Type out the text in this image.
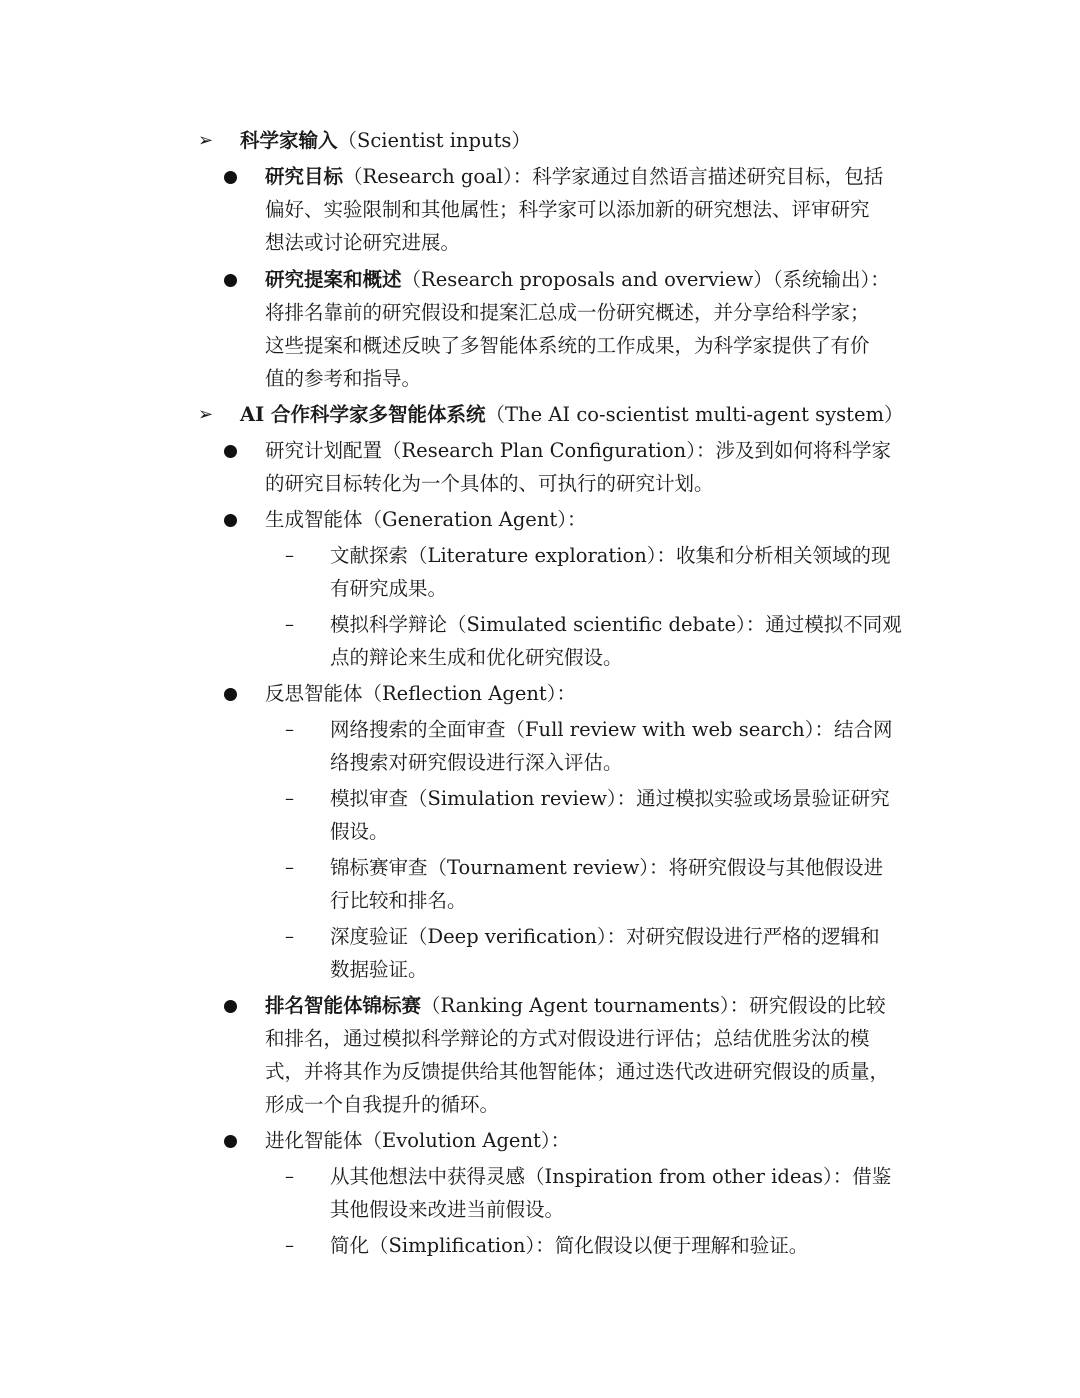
➢ 科学家输入（Scientist inputs）
研究目标（Research goal）：科学家通过自然语言描述研究目标，包括
偏好、实验限制和其他属性；科学家可以添加新的研究想法、评审研究
想法或讨论研究进展。
研究提案和概述（Research proposals and overview）（系统输出）：
将排名靠前的研究假设和提案汇总成一份研究概述，并分享给科学家；
这些提案和概述反映了多智能体系统的工作成果，为科学家提供了有价
值的参考和指导。
➢ AI 合作科学家多智能体系统（The AI co-scientist multi-agent system）
研究计划配置（Research Plan Configuration）：涉及到如何将科学家
的研究目标转化为一个具体的、可执行的研究计划。
生成智能体（Generation Agent）：
– 文献探索（Literature exploration）：收集和分析相关领域的现
有研究成果。
– 模拟科学辩论（Simulated scientific debate）：通过模拟不同观
点的辩论来生成和优化研究假设。
反思智能体（Reflection Agent）：
– 网络搜索的全面审查（Full review with web search）：结合网
络搜索对研究假设进行深入评估。
– 模拟审查（Simulation review）：通过模拟实验或场景验证研究
假设。
– 锦标赛审查（Tournament review）：将研究假设与其他假设进
行比较和排名。
– 深度验证（Deep verification）：对研究假设进行严格的逻辑和
数据验证。
排名智能体锦标赛（Ranking Agent tournaments）：研究假设的比较
和排名，通过模拟科学辩论的方式对假设进行评估；总结优胜劣汰的模
式，并将其作为反馈提供给其他智能体；通过迭代改进研究假设的质量，
形成一个自我提升的循环。
进化智能体（Evolution Agent）：
– 从其他想法中获得灵感（Inspiration from other ideas）：借鉴
其他假设来改进当前假设。
– 简化（Simplification）：简化假设以便于理解和验证。
